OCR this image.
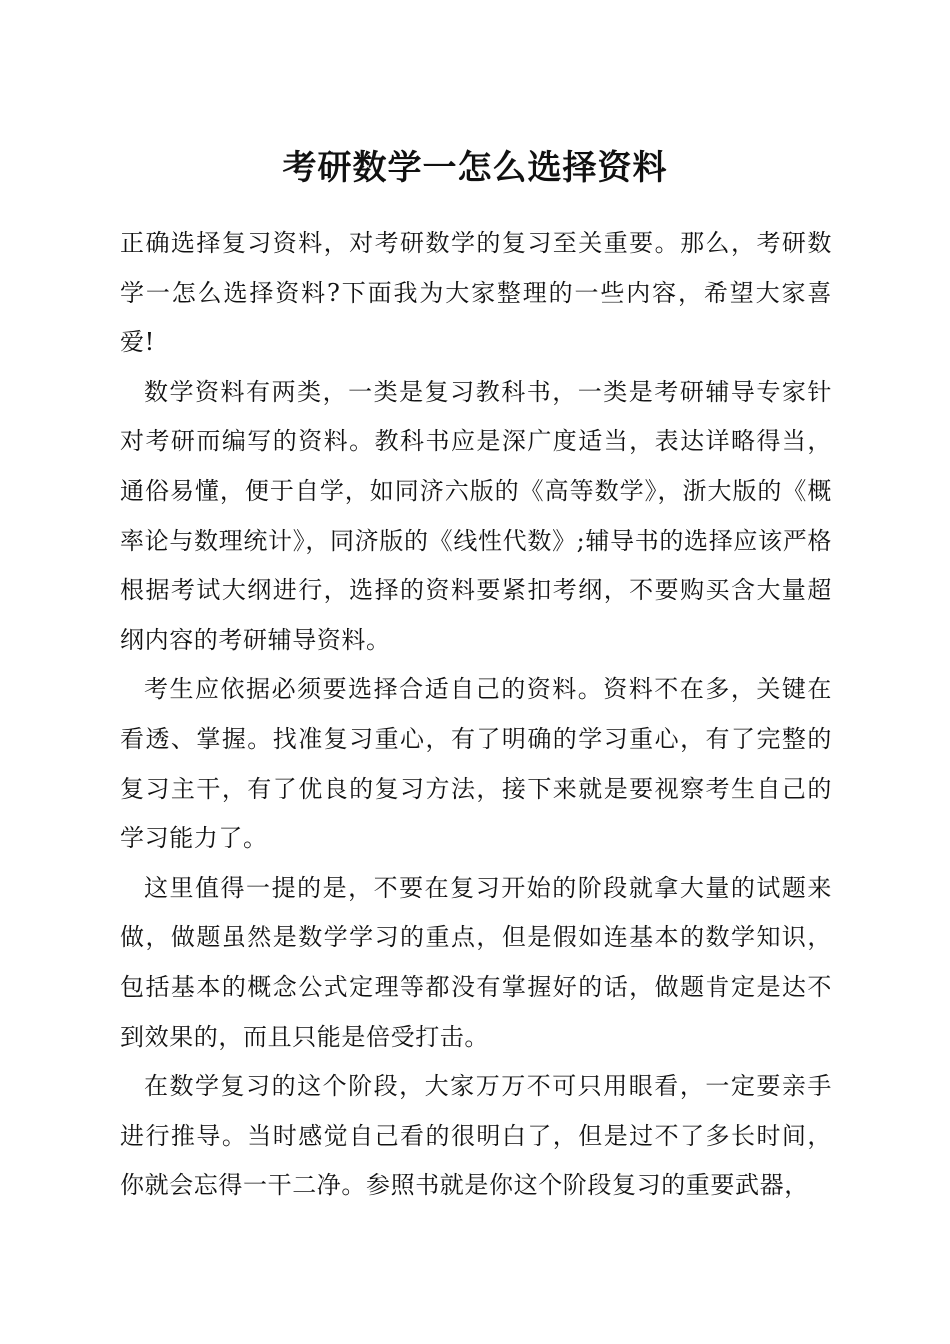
考研数学一怎么选择资料

正确选择复习资料，对考研数学的复习至关重要。那么，考研数学一怎么选择资料?下面我为大家整理的一些内容，希望大家喜爱!

数学资料有两类，一类是复习教科书，一类是考研辅导专家针对考研而编写的资料。教科书应是深广度适当，表达详略得当，通俗易懂，便于自学，如同济六版的《高等数学》，浙大版的《概率论与数理统计》，同济版的《线性代数》;辅导书的选择应该严格根据考试大纲进行，选择的资料要紧扣考纲，不要购买含大量超纲内容的考研辅导资料。

考生应依据必须要选择合适自己的资料。资料不在多，关键在看透、掌握。找准复习重心，有了明确的学习重心，有了完整的复习主干，有了优良的复习方法，接下来就是要视察考生自己的学习能力了。

这里值得一提的是，不要在复习开始的阶段就拿大量的试题来做，做题虽然是数学学习的重点，但是假如连基本的数学知识，包括基本的概念公式定理等都没有掌握好的话，做题肯定是达不到效果的，而且只能是倍受打击。

在数学复习的这个阶段，大家万万不可只用眼看，一定要亲手进行推导。当时感觉自己看的很明白了，但是过不了多长时间，你就会忘得一干二净。参照书就是你这个阶段复习的重要武器，
